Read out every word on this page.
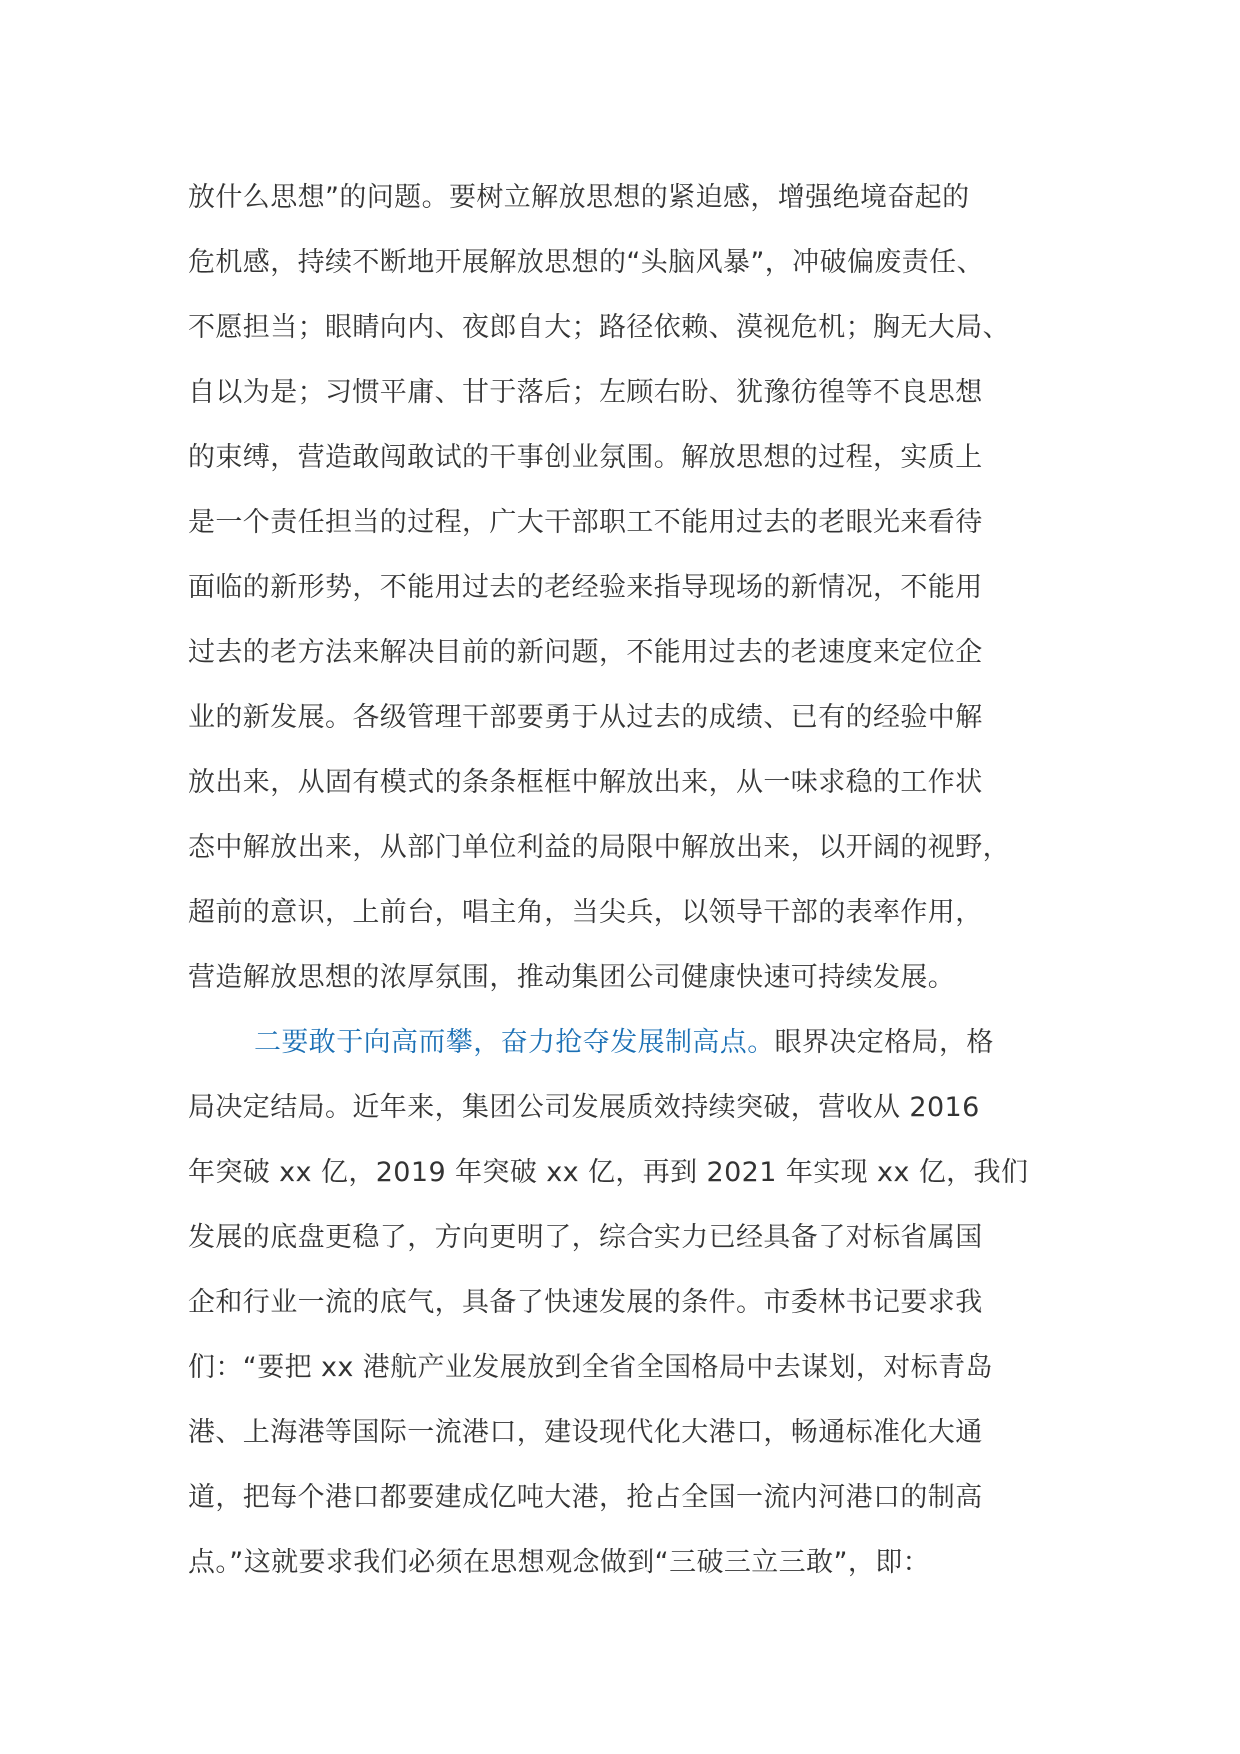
放什么思想”的问题。要树立解放思想的紧迫感，增强绝境奋起的
危机感，持续不断地开展解放思想的“头脑风暴”，冲破偏废责任、
不愿担当；眼睛向内、夜郎自大；路径依赖、漠视危机；胸无大局、
自以为是；习惯平庸、甘于落后；左顾右盼、犹豫彷徨等不良思想
的束缚，营造敢闯敢试的干事创业氛围。解放思想的过程，实质上
是一个责任担当的过程，广大干部职工不能用过去的老眼光来看待
面临的新形势，不能用过去的老经验来指导现场的新情况，不能用
过去的老方法来解决目前的新问题，不能用过去的老速度来定位企
业的新发展。各级管理干部要勇于从过去的成绩、已有的经验中解
放出来，从固有模式的条条框框中解放出来，从一味求稳的工作状
态中解放出来，从部门单位利益的局限中解放出来，以开阔的视野，
超前的意识，上前台，唱主角，当尖兵，以领导干部的表率作用，
营造解放思想的浓厚氛围，推动集团公司健康快速可持续发展。
二要敢于向高而攀，奋力抢夺发展制高点。眼界决定格局，格
局决定结局。近年来，集团公司发展质效持续突破，营收从 2016
年突破 xx 亿，2019 年突破 xx 亿，再到 2021 年实现 xx 亿，我们
发展的底盘更稳了，方向更明了，综合实力已经具备了对标省属国
企和行业一流的底气，具备了快速发展的条件。市委林书记要求我
们：“要把 xx 港航产业发展放到全省全国格局中去谋划，对标青岛
港、上海港等国际一流港口，建设现代化大港口，畅通标准化大通
道，把每个港口都要建成亿吨大港，抢占全国一流内河港口的制高
点。”这就要求我们必须在思想观念做到“三破三立三敢”，即：
